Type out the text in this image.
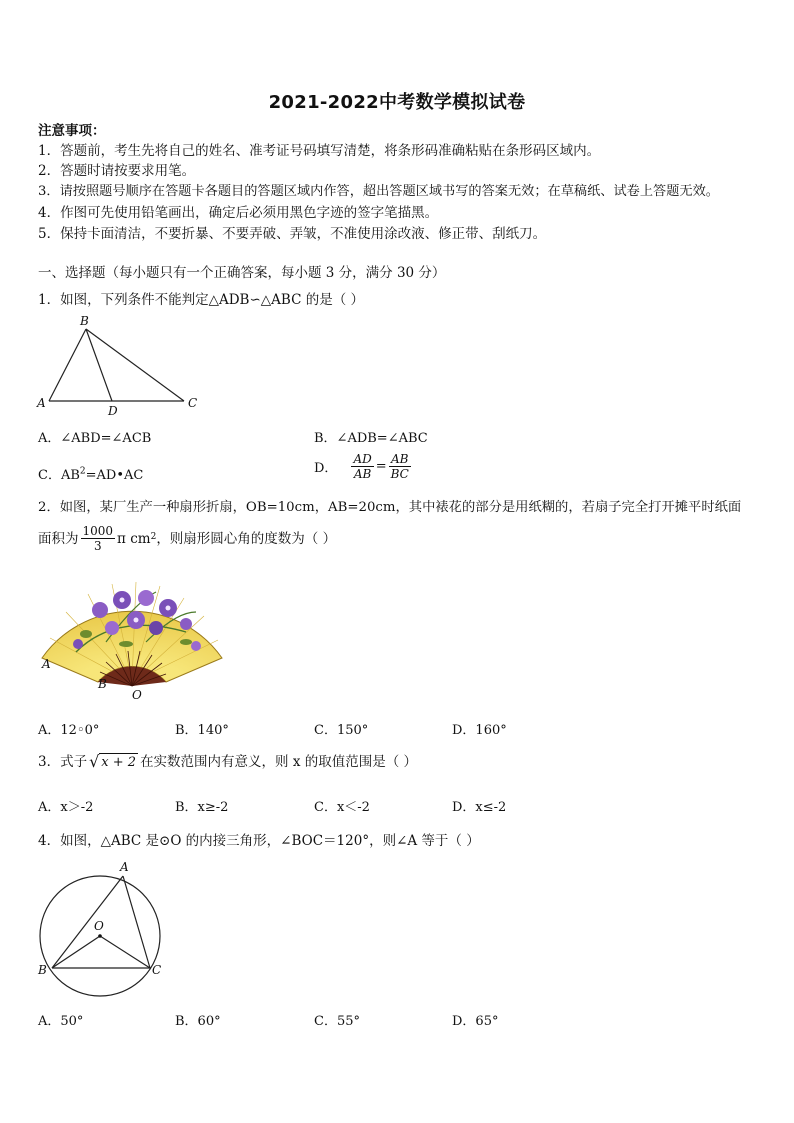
2021-2022中考数学模拟试卷
注意事项：
1．答题前，考生先将自己的姓名、准考证号码填写清楚，将条形码准确粘贴在条形码区域内。
2．答题时请按要求用笔。
3．请按照题号顺序在答题卡各题目的答题区域内作答，超出答题区域书写的答案无效；在草稿纸、试卷上答题无效。
4．作图可先使用铅笔画出，确定后必须用黑色字迹的签字笔描黑。
5．保持卡面清洁，不要折暴、不要弄破、弄皱，不准使用涂改液、修正带、刮纸刀。
一、选择题（每小题只有一个正确答案，每小题 3 分，满分 30 分）
1．如图，下列条件不能判定△ADB∽△ABC 的是（ ）
B
A
D
C
A．∠ABD=∠ACB	B．∠ADB=∠ABC
C．$AB^2=AD•AC$	D． $\frac{AD}{AB} = \frac{AB}{BC}$
2．如图，某厂生产一种扇形折扇，OB=10cm，AB=20cm，其中裱花的部分是用纸糊的，若扇子完全打开摊平时纸面
面积为 $\frac{1000}{3}$ π cm 2 ，则扇形圆心角的度数为（ ）
A
B
O
A．12◦0°	B．140°	C．150°	D．160°
3．式子 √ x + 2 在实数范围内有意义，则 x 的取值范围是（ ）
A．x＞-2	B．x≥-2	C．x＜-2	D．x≤-2
4．如图，△ABC 是⊙O 的内接三角形，∠BOC＝120°，则∠A 等于（ ）
A
O
B	C
A．50°	B．60°	C．55°	D．65°
